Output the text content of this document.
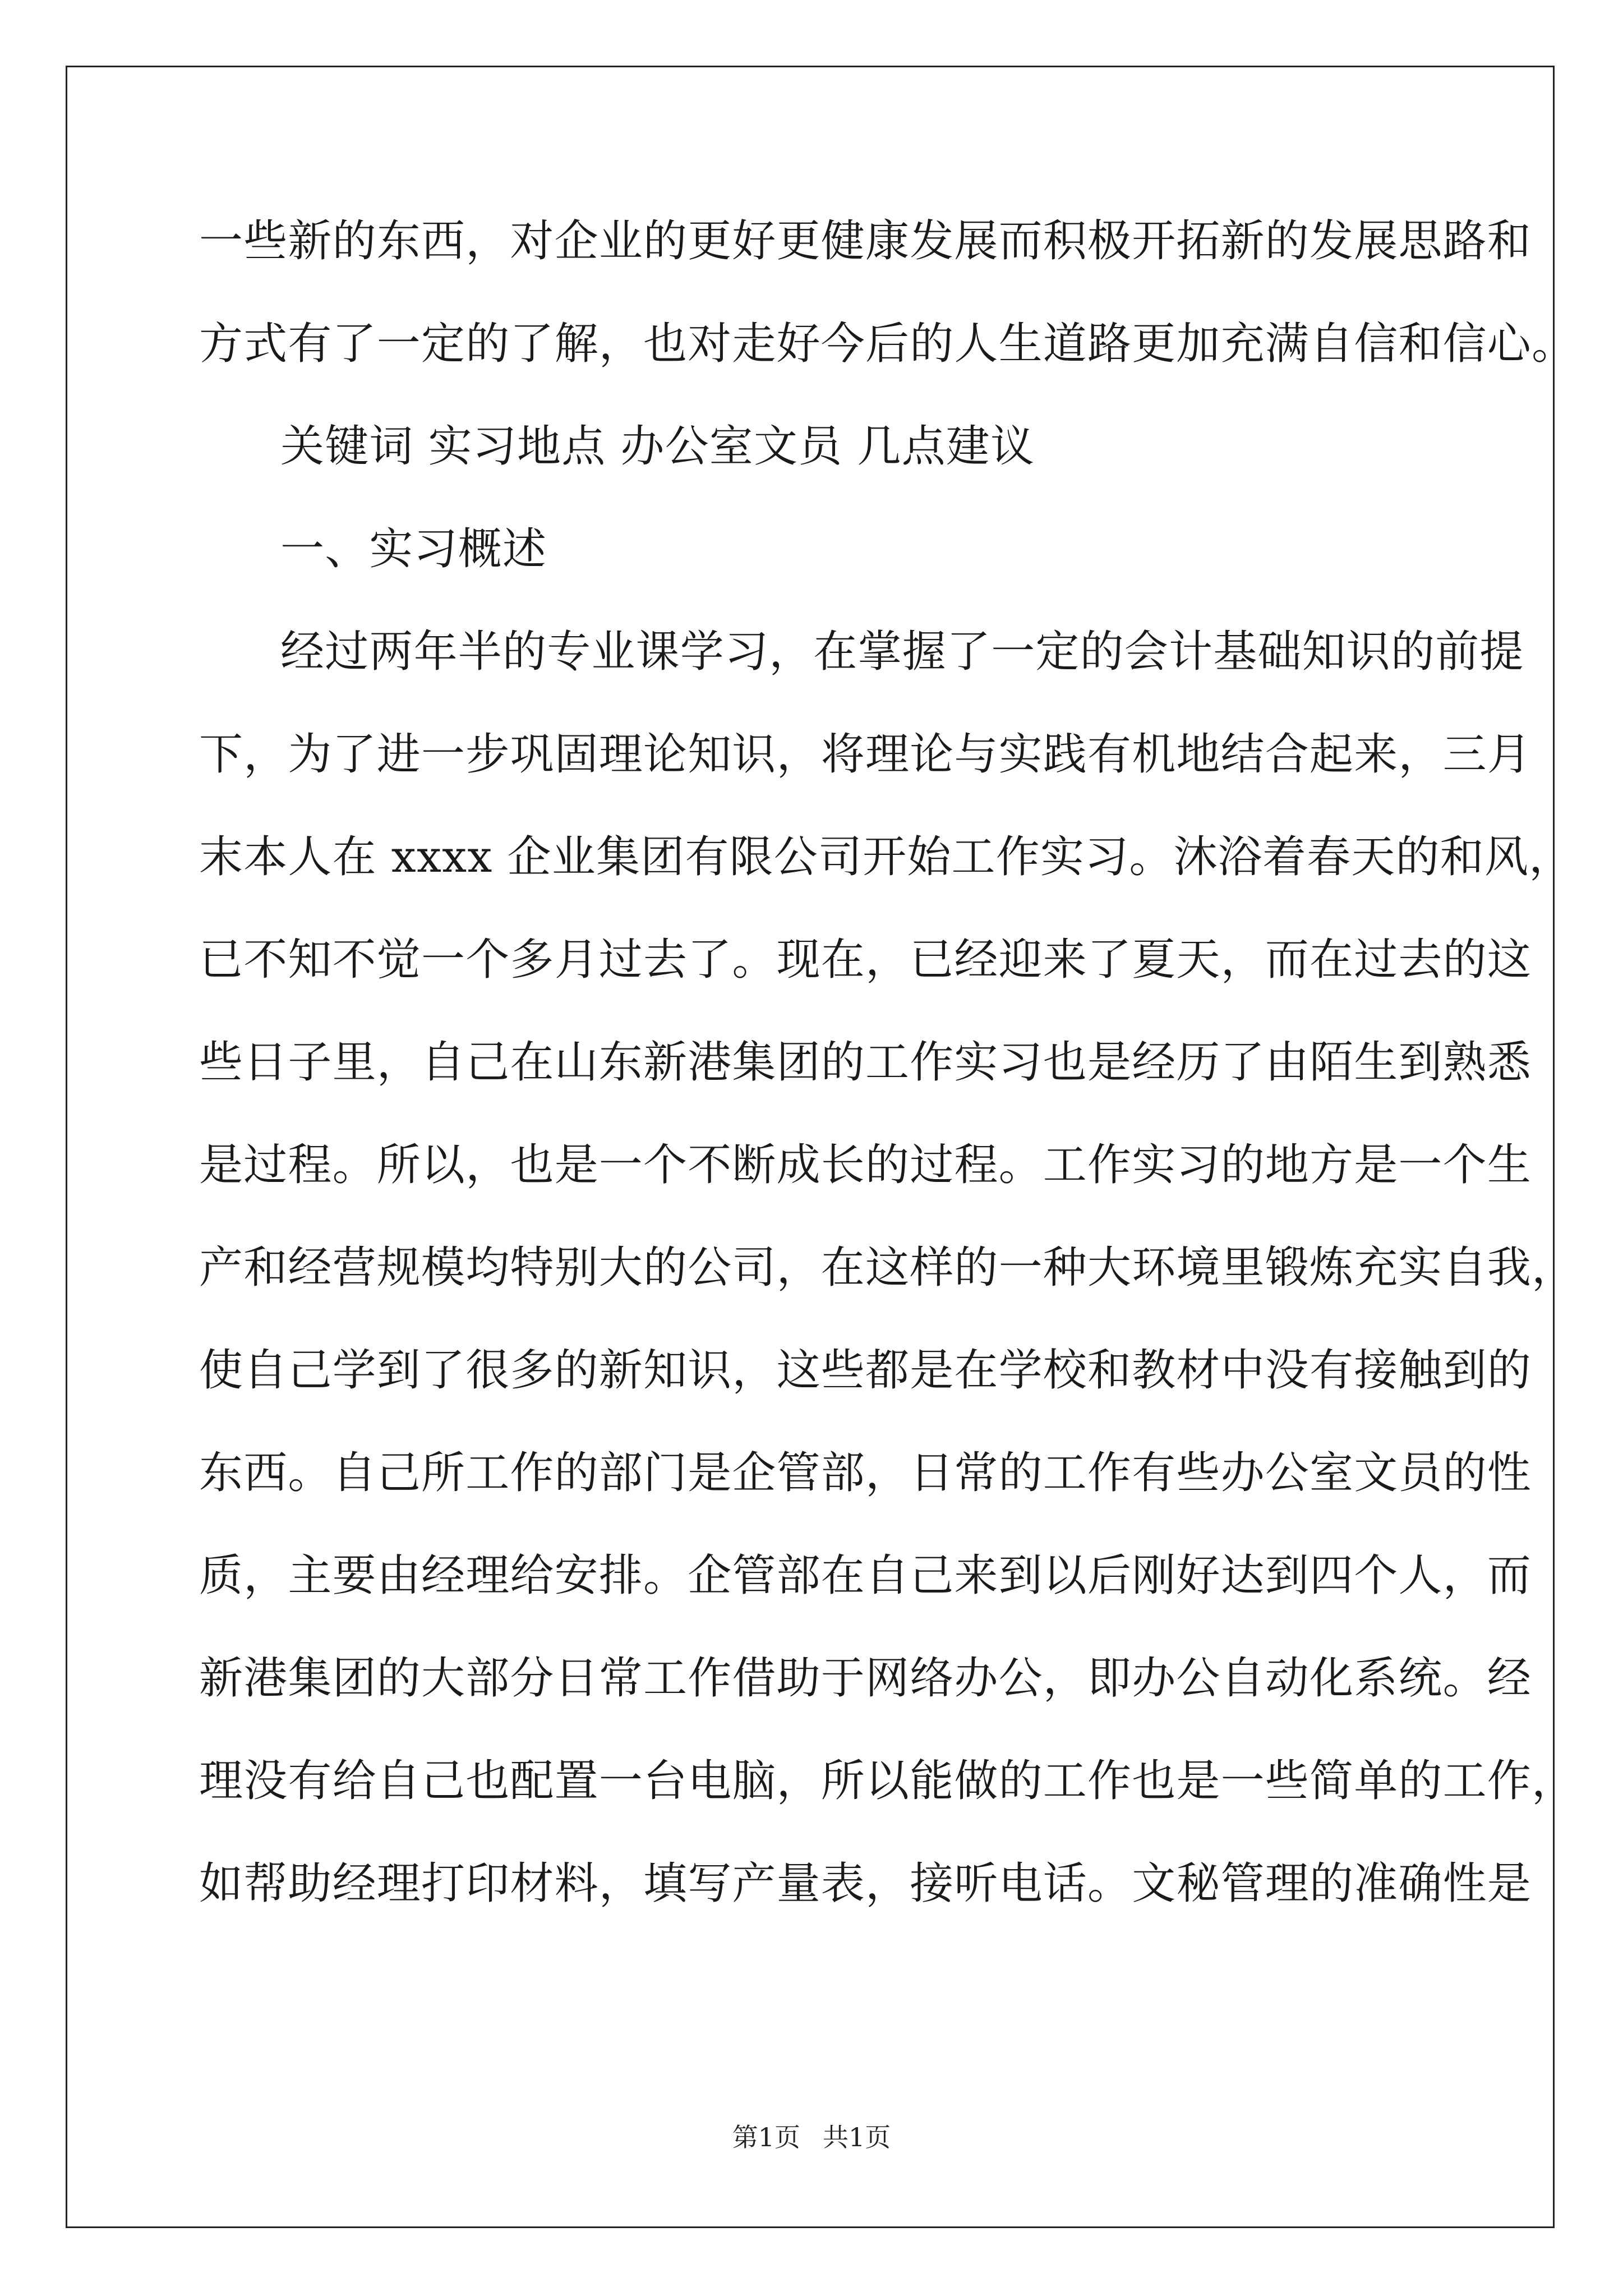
一些新的东西，对企业的更好更健康发展而积极开拓新的发展思路和
方式有了一定的了解，也对走好今后的人生道路更加充满自信和信心。
关键词 实习地点 办公室文员 几点建议
一、实习概述
经过两年半的专业课学习，在掌握了一定的会计基础知识的前提
下，为了进一步巩固理论知识，将理论与实践有机地结合起来，三月
末本人在 xxxx 企业集团有限公司开始工作实习。沐浴着春天的和风，
已不知不觉一个多月过去了。现在，已经迎来了夏天，而在过去的这
些日子里，自己在山东新港集团的工作实习也是经历了由陌生到熟悉
是过程。所以，也是一个不断成长的过程。工作实习的地方是一个生
产和经营规模均特别大的公司，在这样的一种大环境里锻炼充实自我，
使自己学到了很多的新知识，这些都是在学校和教材中没有接触到的
东西。自己所工作的部门是企管部，日常的工作有些办公室文员的性
质，主要由经理给安排。企管部在自己来到以后刚好达到四个人，而
新港集团的大部分日常工作借助于网络办公，即办公自动化系统。经
理没有给自己也配置一台电脑，所以能做的工作也是一些简单的工作，
如帮助经理打印材料，填写产量表，接听电话。文秘管理的准确性是
第1页 共1页
